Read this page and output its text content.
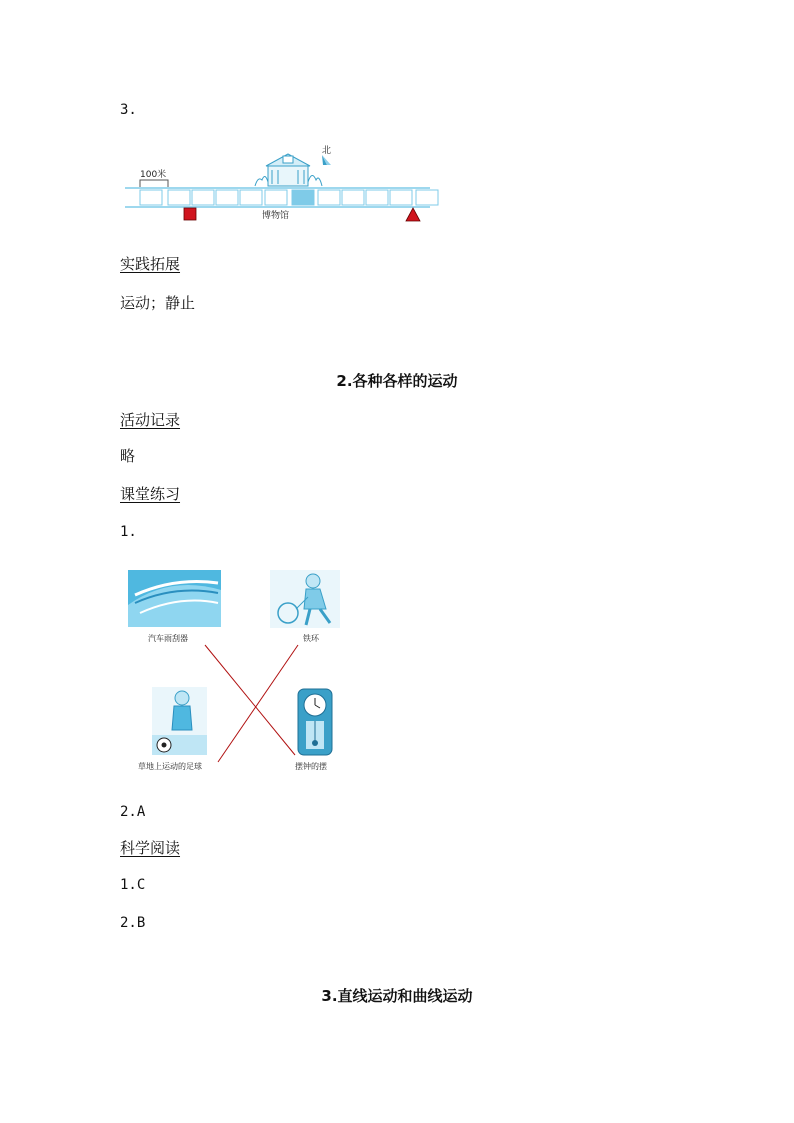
3.
100米
北
博物馆
实践拓展
运动；静止
2.各种各样的运动
活动记录
略
课堂练习
1.
汽车雨刮器	铁环
草地上运动的足球	摆钟的摆
2.A
科学阅读
1.C
2.B
3.直线运动和曲线运动
